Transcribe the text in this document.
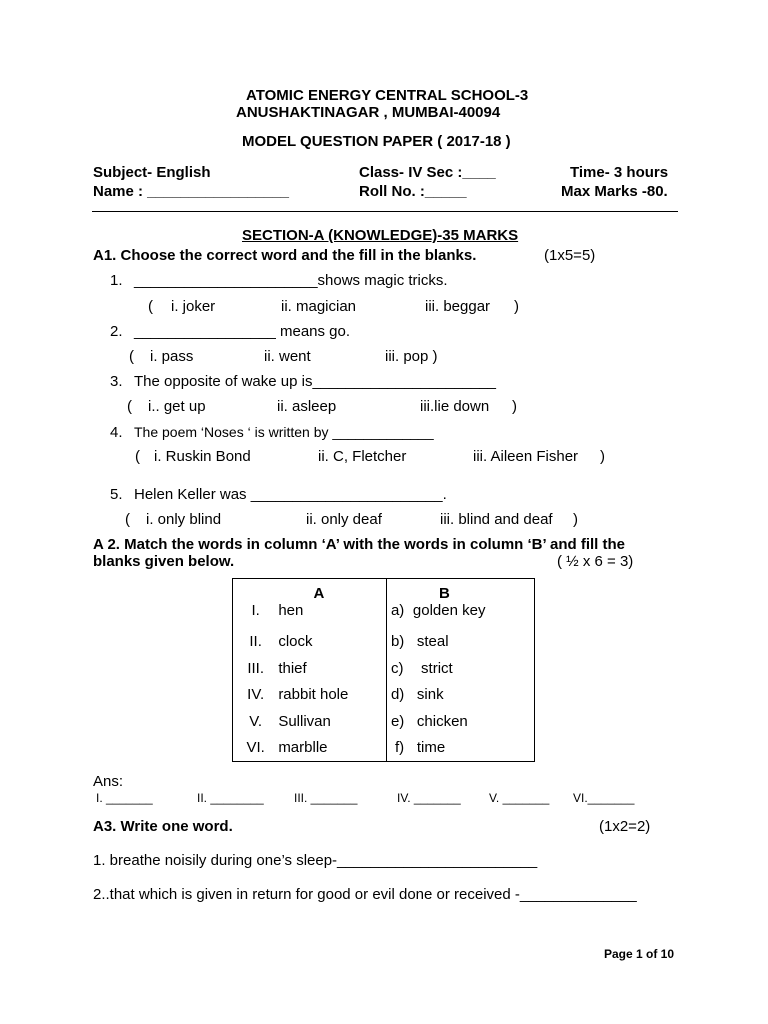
ATOMIC ENERGY CENTRAL SCHOOL-3
ANUSHAKTINAGAR , MUMBAI-40094
MODEL QUESTION PAPER ( 2017-18 )
Subject- English	Class- IV Sec :____	Time- 3 hours
Name : _________________	Roll No. :_____	Max Marks -80.
SECTION-A (KNOWLEDGE)-35 MARKS
A1. Choose the correct word and the fill in the blanks.	(1x5=5)
1. ______________________shows magic tricks.
( i. joker	ii. magician	iii. beggar )
2. _________________ means go.
( i. pass	ii. went	iii. pop )
3. The opposite of wake up is______________________
( i.. get up	ii. asleep	iii.lie down )
4. The poem ‘Noses ‘ is written by _____________
( i. Ruskin Bond	ii. C, Fletcher	iii. Aileen Fisher )
5. Helen Keller was _______________________.
( i. only blind	ii. only deaf	iii. blind and deaf )
A 2. Match the words in column ‘A’ with the words in column ‘B’ and fill the
blanks given below.	( ½ x 6 = 3)
A		B	
I.	hen	a)	golden key
II.	clock	b)	steal
III.	thief	c)	strict
IV.	rabbit hole	d)	sink
V.	Sullivan	e)	chicken
VI.	marblle	f)	time
Ans:
I. _______	II. ________	III. _______	IV. _______ V. _______ VI._______
A3. Write one word.	(1x2=2)
1. breathe noisily during one’s sleep-________________________
2..that which is given in return for good or evil done or received -______________
Page 1 of 10
